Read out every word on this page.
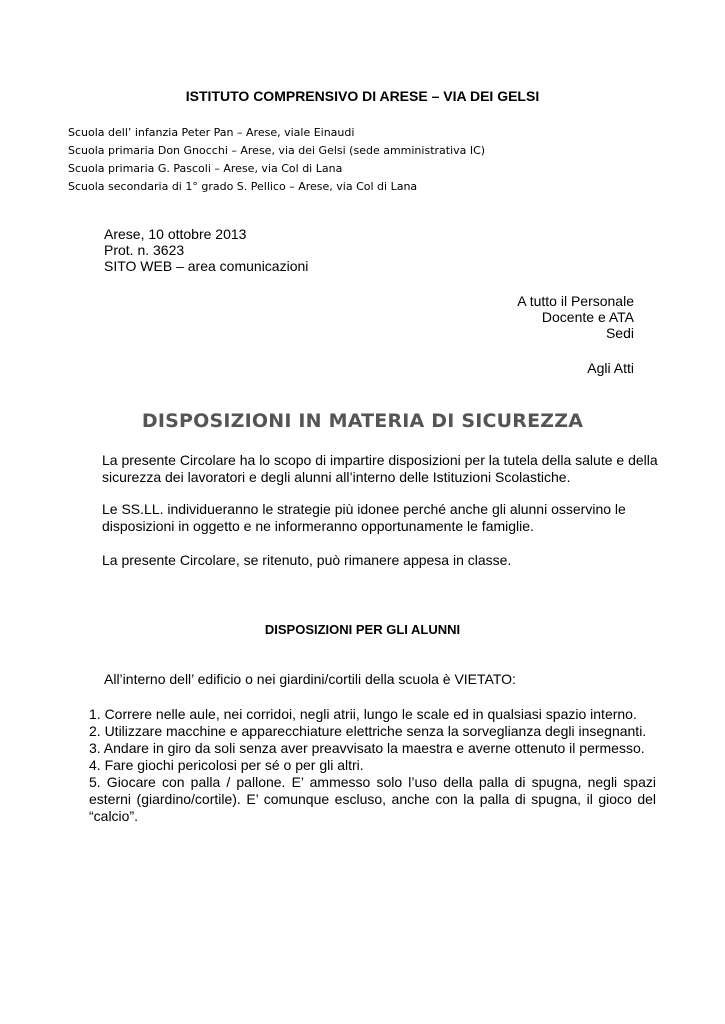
ISTITUTO COMPRENSIVO DI ARESE – VIA DEI GELSI
Scuola dell’ infanzia Peter Pan – Arese, viale Einaudi
Scuola primaria Don Gnocchi – Arese, via dei Gelsi (sede amministrativa IC)
Scuola primaria G. Pascoli – Arese, via Col di Lana
Scuola secondaria di 1° grado S. Pellico – Arese, via Col di Lana
Arese, 10 ottobre 2013
Prot. n. 3623
SITO WEB – area comunicazioni
A tutto il Personale
Docente e ATA
Sedi
Agli Atti
DISPOSIZIONI IN MATERIA DI SICUREZZA
La presente Circolare ha lo scopo di impartire disposizioni per la tutela della salute e della sicurezza dei lavoratori e degli alunni all’interno delle Istituzioni Scolastiche.
Le SS.LL. individueranno le strategie più idonee perché anche gli alunni osservino le disposizioni in oggetto e ne informeranno opportunamente le famiglie.
La presente Circolare, se ritenuto, può rimanere appesa in classe.
DISPOSIZIONI PER GLI ALUNNI
All’interno dell’ edificio o nei giardini/cortili della scuola è VIETATO:
1. Correre nelle aule, nei corridoi, negli atrii, lungo le scale ed in qualsiasi spazio interno.
2. Utilizzare macchine e apparecchiature elettriche senza la sorveglianza degli insegnanti.
3. Andare in giro da soli senza aver preavvisato la maestra e averne ottenuto il permesso.
4. Fare giochi pericolosi per sé o per gli altri.
5. Giocare con palla / pallone. E’ ammesso solo l’uso della palla di spugna, negli spazi esterni (giardino/cortile). E’ comunque escluso, anche con la palla di spugna, il gioco del “calcio”.
